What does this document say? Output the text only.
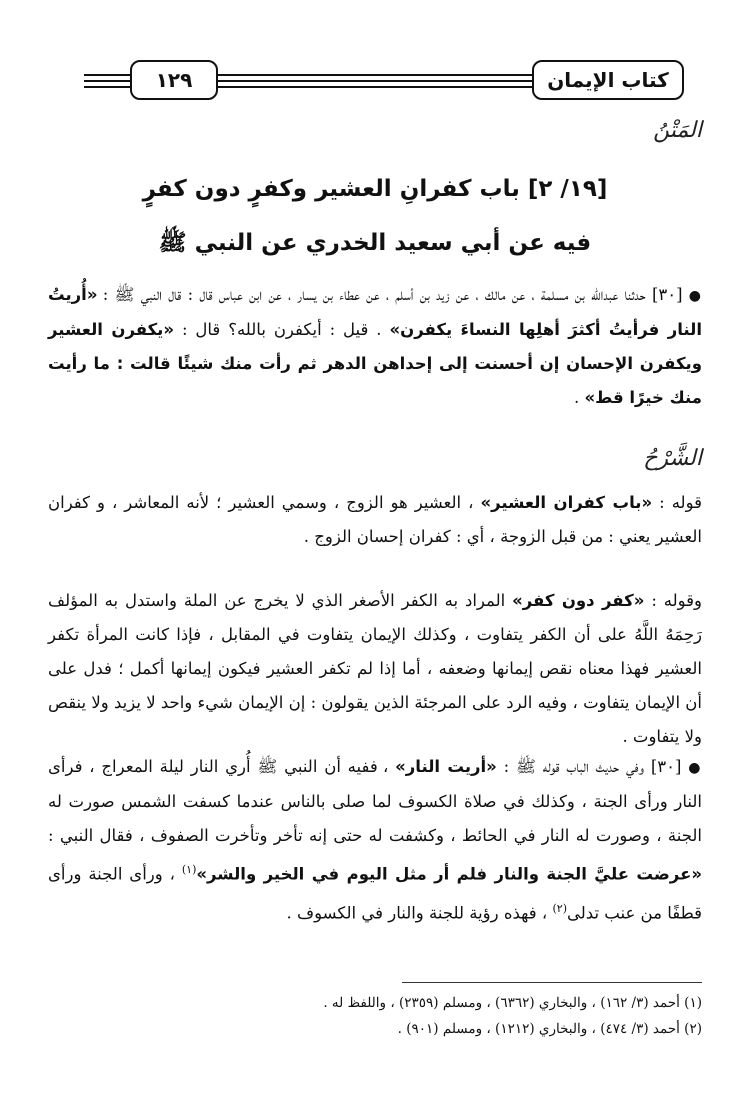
كتاب الإيمان
١٢٩
المَتْنُ
[١٩/ ٢] باب كفرانِ العشير وكفرٍ دون كفرٍ
فيه عن أبي سعيد الخدري عن النبي ﷺ
● [٣٠] حدثنا عبدالله بن مسلمة ، عن مالك ، عن زيد بن أسلم ، عن عطاء بن يسار ، عن ابن عباس قال : قال النبي ﷺ : «أُريتُ النار فرأيتُ أكثرَ أهلِها النساءَ يكفرن» . قيل : أيكفرن بالله؟ قال : «يكفرن العشير ويكفرن الإحسان إن أحسنت إلى إحداهن الدهر ثم رأت منك شيئًا قالت : ما رأيت منك خيرًا قط» .
الشَّرْحُ
قوله : «باب كفران العشير» ، العشير هو الزوج ، وسمي العشير ؛ لأنه المعاشر ، و كفران العشير يعني : من قبل الزوجة ، أي : كفران إحسان الزوج .
وقوله : «كفر دون كفر» المراد به الكفر الأصغر الذي لا يخرج عن الملة واستدل به المؤلف رَحِمَهُ اللَّهُ على أن الكفر يتفاوت ، وكذلك الإيمان يتفاوت في المقابل ، فإذا كانت المرأة تكفر العشير فهذا معناه نقص إيمانها وضعفه ، أما إذا لم تكفر العشير فيكون إيمانها أكمل ؛ فدل على أن الإيمان يتفاوت ، وفيه الرد على المرجئة الذين يقولون : إن الإيمان شيء واحد لا يزيد ولا ينقص ولا يتفاوت .
● [٣٠] وفي حديث الباب قوله ﷺ : «أريت النار» ، ففيه أن النبي ﷺ أُري النار ليلة المعراج ، فرأى النار ورأى الجنة ، وكذلك في صلاة الكسوف لما صلى بالناس عندما كسفت الشمس صورت له الجنة ، وصورت له النار في الحائط ، وكشفت له حتى إنه تأخر وتأخرت الصفوف ، فقال النبي : «عرضت عليَّ الجنة والنار فلم أر مثل اليوم في الخير والشر»$^{(١)}$ ، ورأى الجنة ورأى قطفًا من عنب تدلى$^{(٢)}$ ، فهذه رؤية للجنة والنار في الكسوف .
(١) أحمد (٣/ ١٦٢) ، والبخاري (٦٣٦٢) ، ومسلم (٢٣٥٩) ، واللفظ له .
(٢) أحمد (٣/ ٤٧٤) ، والبخاري (١٢١٢) ، ومسلم (٩٠١) .
